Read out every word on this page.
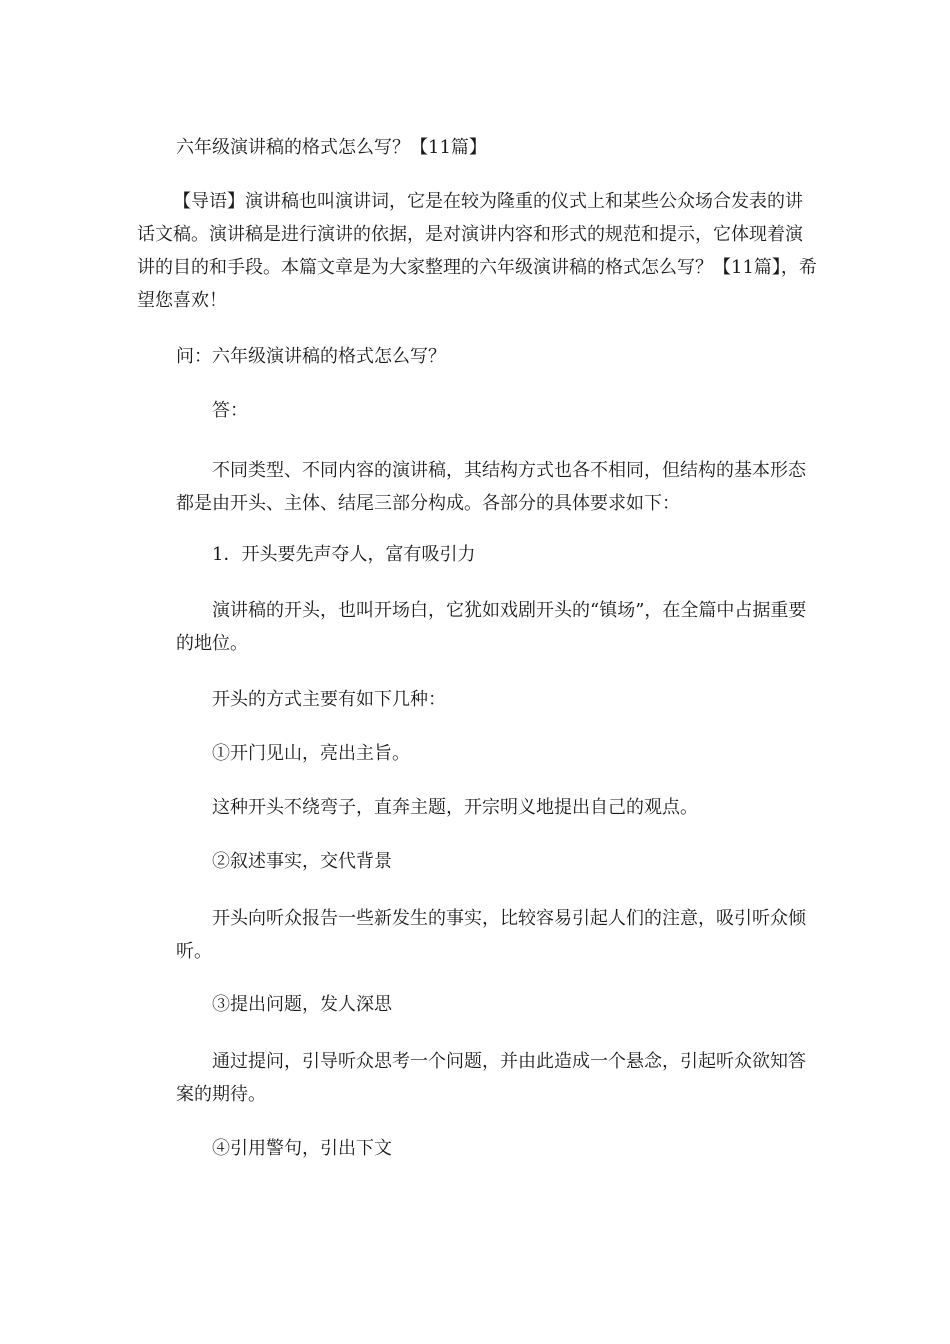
六年级演讲稿的格式怎么写？【11篇】

【导语】演讲稿也叫演讲词，它是在较为隆重的仪式上和某些公众场合发表的讲话文稿。演讲稿是进行演讲的依据，是对演讲内容和形式的规范和提示，它体现着演讲的目的和手段。本篇文章是为大家整理的六年级演讲稿的格式怎么写？【11篇】，希望您喜欢！

问：六年级演讲稿的格式怎么写？

答：

不同类型、不同内容的演讲稿，其结构方式也各不相同，但结构的基本形态都是由开头、主体、结尾三部分构成。各部分的具体要求如下：

1．开头要先声夺人，富有吸引力

演讲稿的开头，也叫开场白，它犹如戏剧开头的“镇场”，在全篇中占据重要的地位。

开头的方式主要有如下几种：

①开门见山，亮出主旨。

这种开头不绕弯子，直奔主题，开宗明义地提出自己的观点。

②叙述事实，交代背景

开头向听众报告一些新发生的事实，比较容易引起人们的注意，吸引听众倾听。

③提出问题，发人深思

通过提问，引导听众思考一个问题，并由此造成一个悬念，引起听众欲知答案的期待。

④引用警句，引出下文
